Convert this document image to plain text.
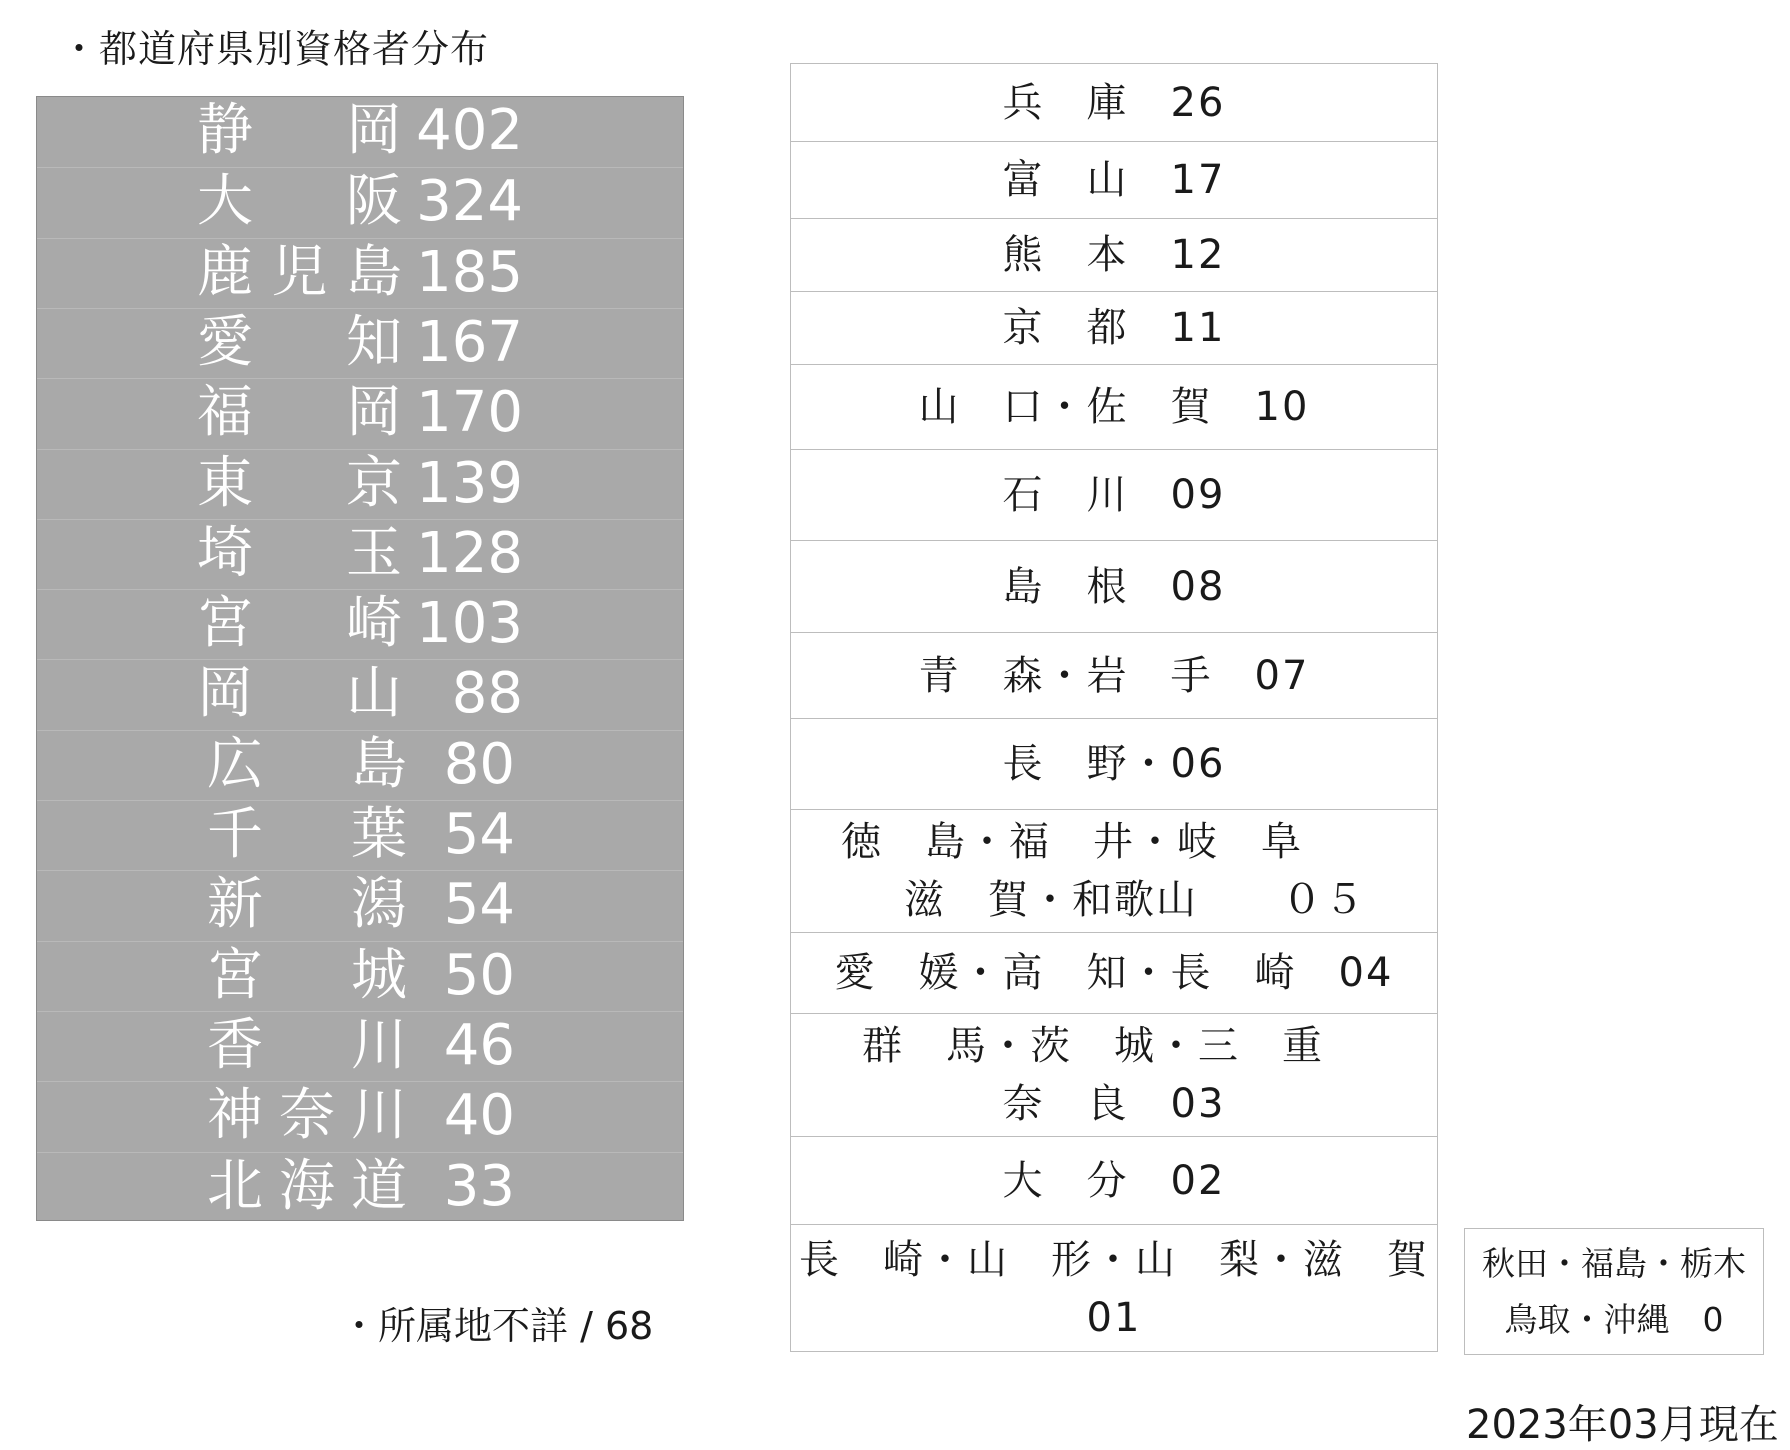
・都道府県別資格者分布
静　岡 402
大　阪 324
鹿児島 185
愛　知 167
福　岡 170
東　京 139
埼　玉 128
宮　崎 103
岡　山 88
広　島 80
千　葉 54
新　潟 54
宮　城 50
香　川 46
神奈川 40
北海道 33
・所属地不詳 / 68
兵　庫　26
富　山　17
熊　本　12
京　都　11
山　口・佐　賀　10
石　川　09
島　根　08
青　森・岩　手　07
長　野・06
徳　島・福　井・岐　阜　　
　滋　賀・和歌山　　０５
愛　媛・高　知・長　崎　04
群　馬・茨　城・三　重　
奈　良　03
大　分　02
長　崎・山　形・山　梨・滋　賀
01
秋田・福島・栃木
鳥取・沖縄　0
2023年03月現在
